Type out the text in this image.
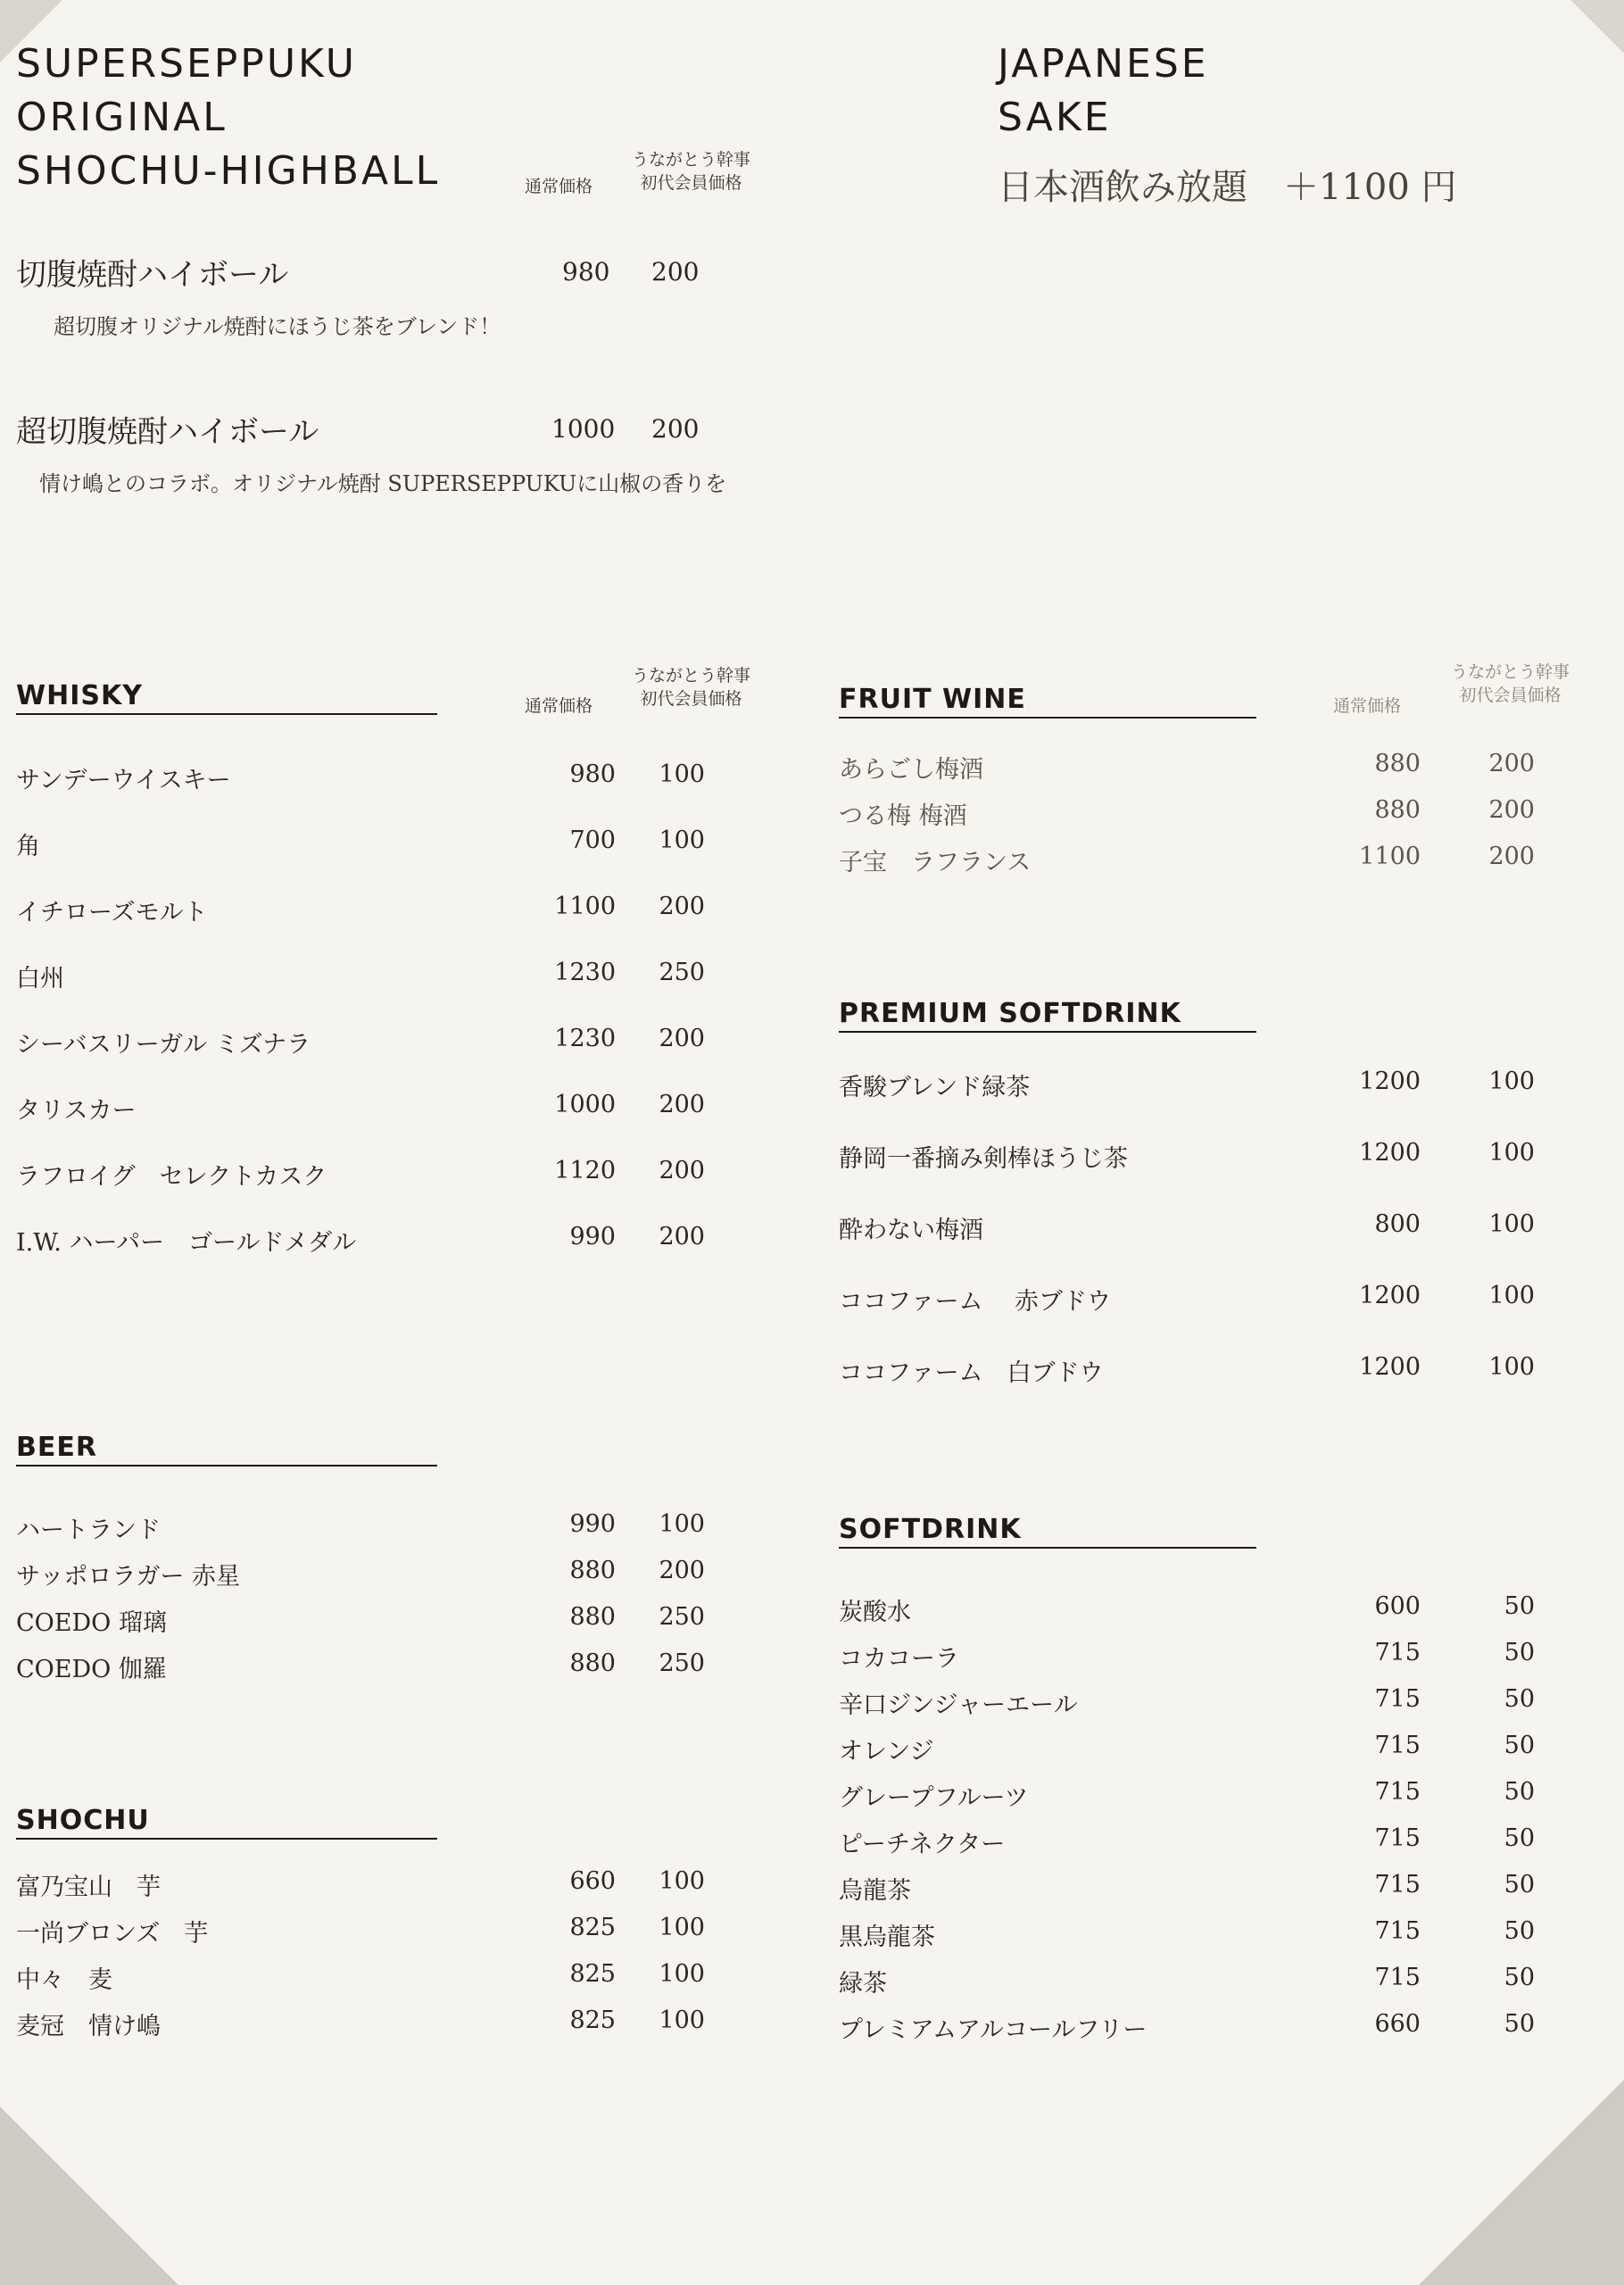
SUPERSEPPUKU
ORIGINAL
SHOCHU-HIGHBALL	通常価格
うながとう幹事
初代会員価格
切腹焼酎ハイボール	980 200
超切腹オリジナル焼酎にほうじ茶をブレンド！
超切腹焼酎ハイボール	1000 200
情け嶋とのコラボ。オリジナル焼酎 SUPERSEPPUKUに山椒の香りを
JAPANESE
SAKE
日本酒飲み放題　＋1100 円
WHISKY	通常価格
うながとう幹事
初代会員価格
サンデーウイスキー	980	100
角	700	100
イチローズモルト	1100	200
白州	1230	250
シーバスリーガル ミズナラ	1230	200
タリスカー	1000	200
ラフロイグ　セレクトカスク	1120	200
I.W. ハーパー　ゴールドメダル	990	200
BEER
ハートランド	990	100
サッポロラガー 赤星	880	200
COEDO 瑠璃	880	250
COEDO 伽羅	880	250
SHOCHU
富乃宝山　芋	660	100
一尚ブロンズ　芋	825	100
中々　麦	825	100
麦冠　情け嶋	825	100
FRUIT WINE	通常価格
うながとう幹事
初代会員価格
あらごし梅酒	880	200
つる梅 梅酒	880	200
子宝　ラフランス	1100	200
PREMIUM SOFTDRINK
香駿ブレンド緑茶	1200	100
静岡一番摘み剣棒ほうじ茶	1200	100
酔わない梅酒	800	100
ココファーム　 赤ブドウ	1200	100
ココファーム　白ブドウ	1200	100
SOFTDRINK
炭酸水	600	50
コカコーラ	715	50
辛口ジンジャーエール	715	50
オレンジ	715	50
グレープフルーツ	715	50
ピーチネクター	715	50
烏龍茶	715	50
黒烏龍茶	715	50
緑茶	715	50
プレミアムアルコールフリー	660	50
